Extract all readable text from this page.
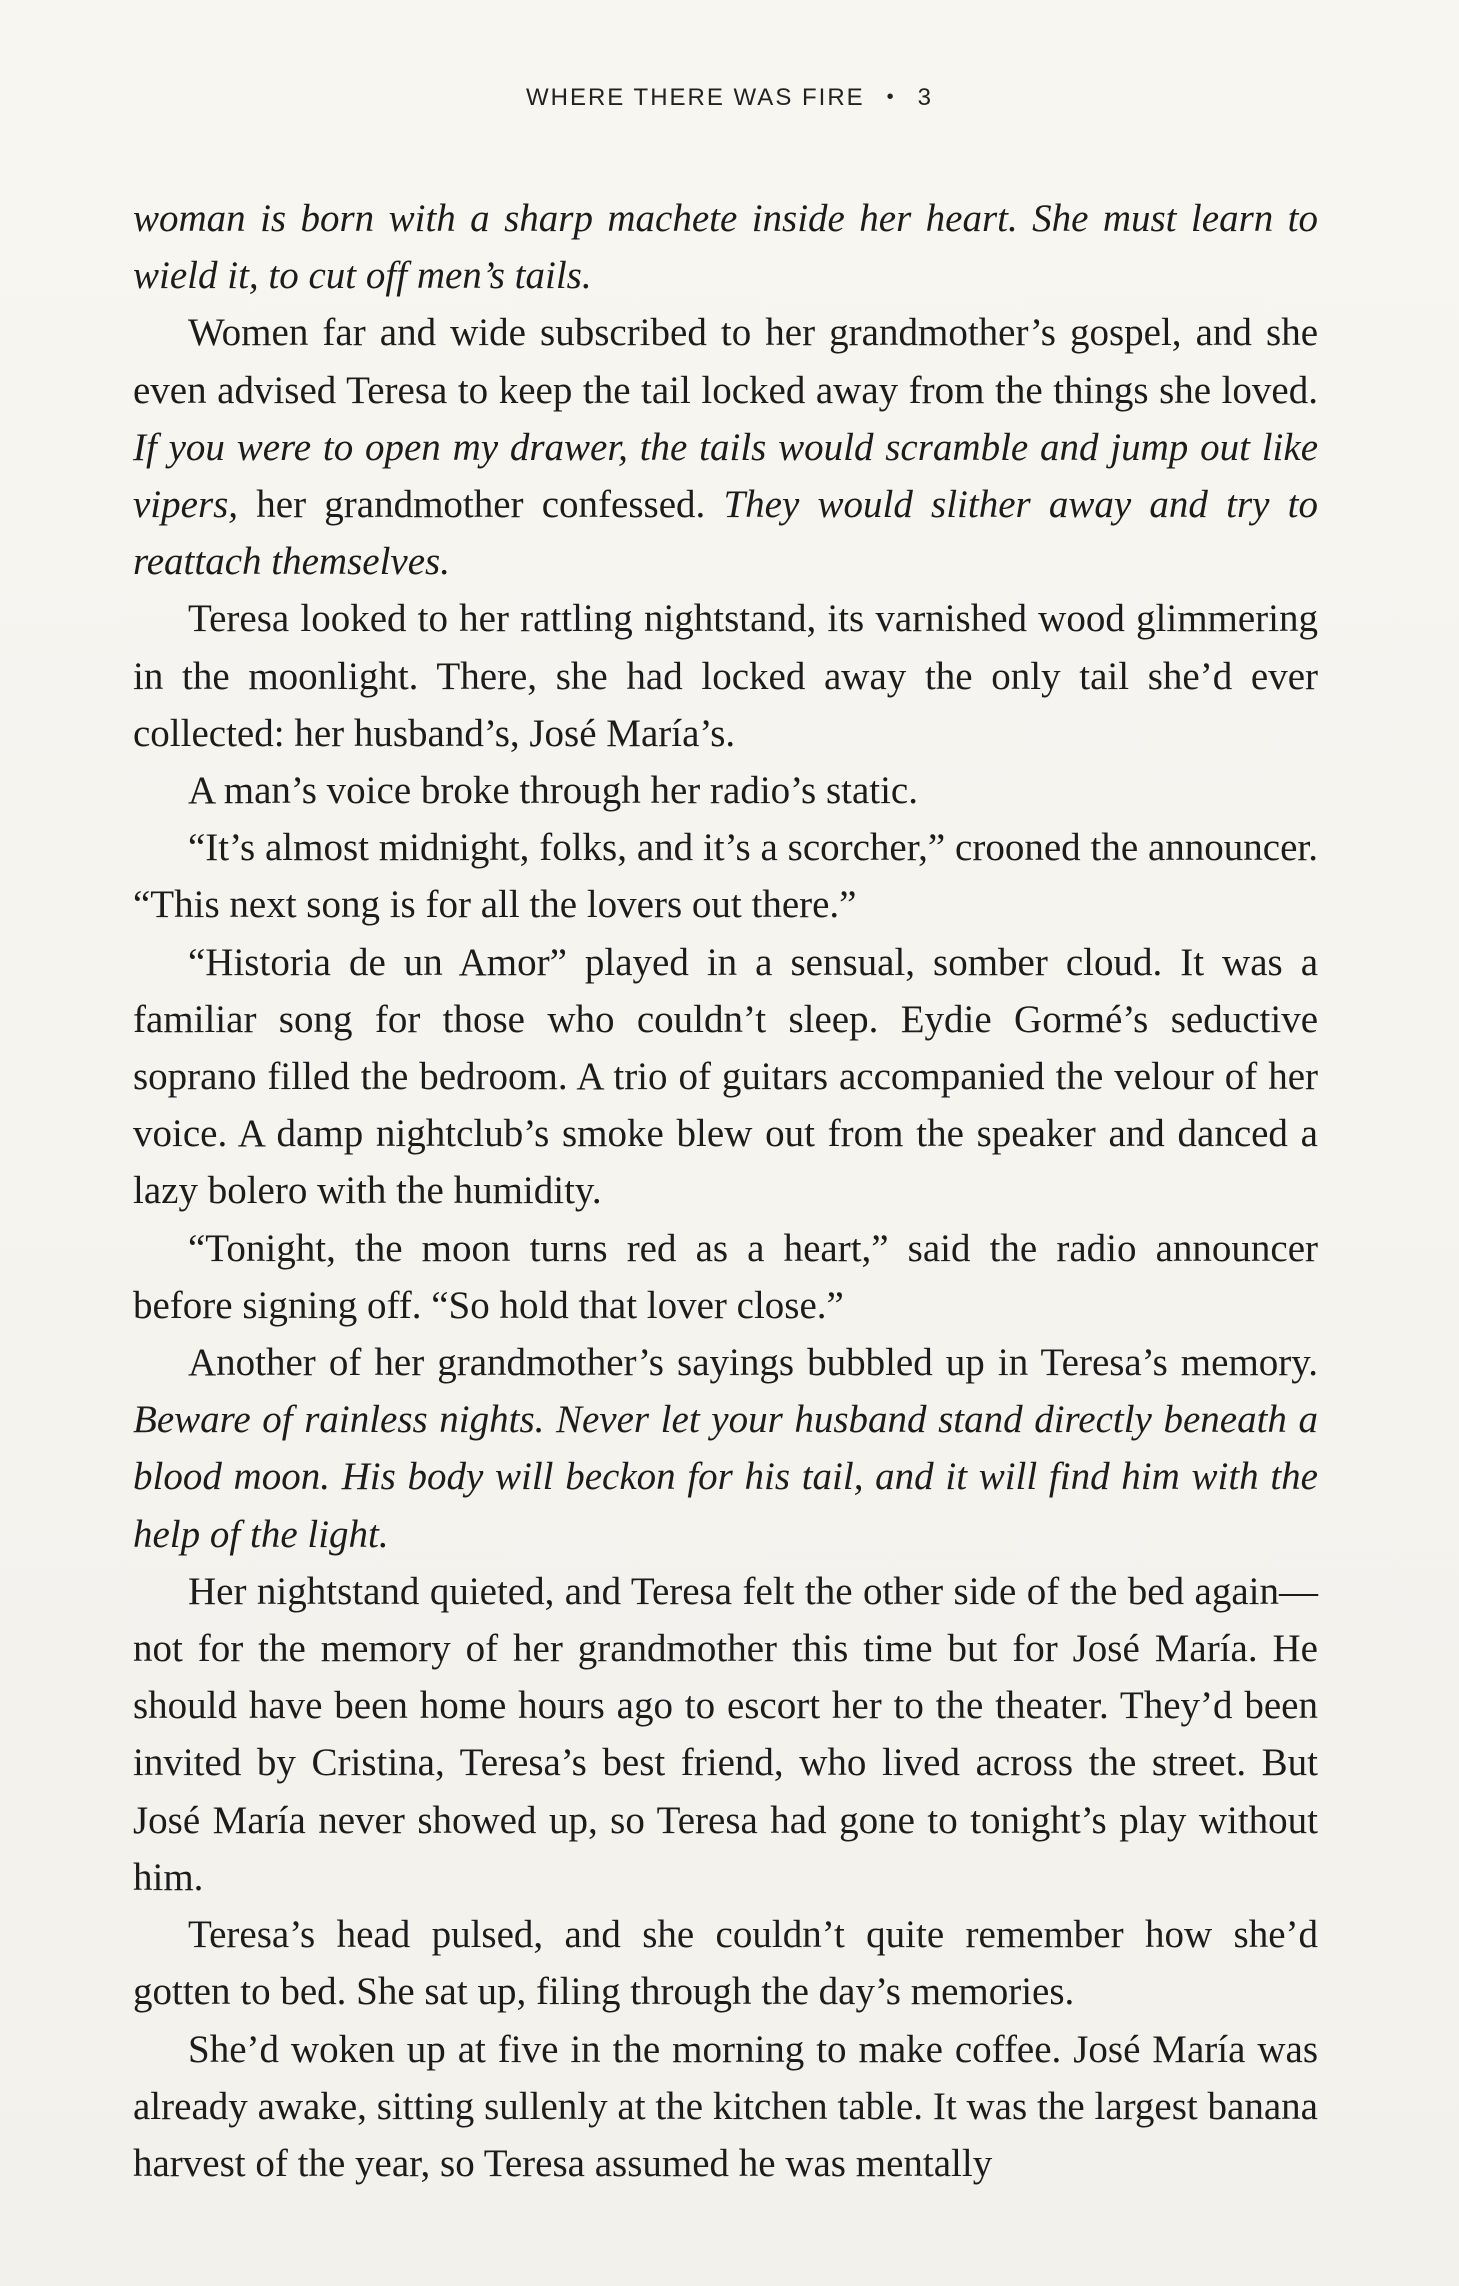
WHERE THERE WAS FIRE • 3

woman is born with a sharp machete inside her heart. She must learn to wield it, to cut off men’s tails.

Women far and wide subscribed to her grandmother’s gospel, and she even advised Teresa to keep the tail locked away from the things she loved. If you were to open my drawer, the tails would scramble and jump out like vipers, her grandmother confessed. They would slither away and try to reattach themselves.

Teresa looked to her rattling nightstand, its varnished wood glimmering in the moonlight. There, she had locked away the only tail she’d ever collected: her husband’s, José María’s.

A man’s voice broke through her radio’s static.

“It’s almost midnight, folks, and it’s a scorcher,” crooned the announcer. “This next song is for all the lovers out there.”

“Historia de un Amor” played in a sensual, somber cloud. It was a familiar song for those who couldn’t sleep. Eydie Gormé’s seductive soprano filled the bedroom. A trio of guitars accompanied the velour of her voice. A damp nightclub’s smoke blew out from the speaker and danced a lazy bolero with the humidity.

“Tonight, the moon turns red as a heart,” said the radio announcer before signing off. “So hold that lover close.”

Another of her grandmother’s sayings bubbled up in Teresa’s memory. Beware of rainless nights. Never let your husband stand directly beneath a blood moon. His body will beckon for his tail, and it will find him with the help of the light.

Her nightstand quieted, and Teresa felt the other side of the bed again—not for the memory of her grandmother this time but for José María. He should have been home hours ago to escort her to the theater. They’d been invited by Cristina, Teresa’s best friend, who lived across the street. But José María never showed up, so Teresa had gone to tonight’s play without him.

Teresa’s head pulsed, and she couldn’t quite remember how she’d gotten to bed. She sat up, filing through the day’s memories.

She’d woken up at five in the morning to make coffee. José María was already awake, sitting sullenly at the kitchen table. It was the largest banana harvest of the year, so Teresa assumed he was mentally
